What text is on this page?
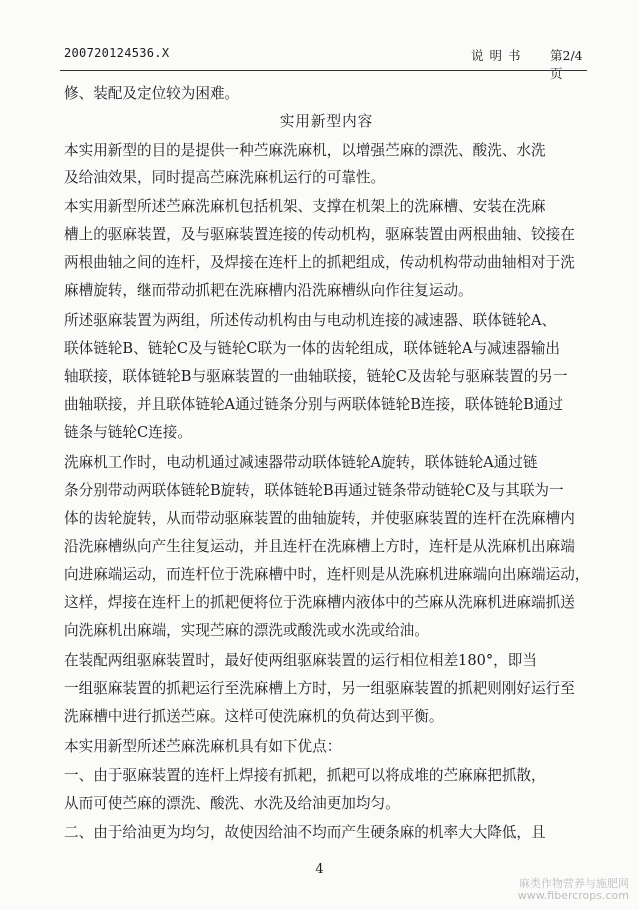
200720124536.X	说明书 第2/4页
修、装配及定位较为困难。
实用新型内容
本实用新型的目的是提供一种苎麻洗麻机，以增强苎麻的漂洗、酸洗、水洗
及给油效果，同时提高苎麻洗麻机运行的可靠性。
本实用新型所述苎麻洗麻机包括机架、支撑在机架上的洗麻槽、安装在洗麻
槽上的驱麻装置，及与驱麻装置连接的传动机构，驱麻装置由两根曲轴、铰接在
两根曲轴之间的连杆，及焊接在连杆上的抓耙组成，传动机构带动曲轴相对于洗
麻槽旋转，继而带动抓耙在洗麻槽内沿洗麻槽纵向作往复运动。
所述驱麻装置为两组，所述传动机构由与电动机连接的减速器、联体链轮A、
联体链轮B、链轮C及与链轮C联为一体的齿轮组成，联体链轮A与减速器输出
轴联接，联体链轮B与驱麻装置的一曲轴联接，链轮C及齿轮与驱麻装置的另一
曲轴联接，并且联体链轮A通过链条分别与两联体链轮B连接，联体链轮B通过
链条与链轮C连接。
洗麻机工作时，电动机通过减速器带动联体链轮A旋转，联体链轮A通过链
条分别带动两联体链轮B旋转，联体链轮B再通过链条带动链轮C及与其联为一
体的齿轮旋转，从而带动驱麻装置的曲轴旋转，并使驱麻装置的连杆在洗麻槽内
沿洗麻槽纵向产生往复运动，并且连杆在洗麻槽上方时，连杆是从洗麻机出麻端
向进麻端运动，而连杆位于洗麻槽中时，连杆则是从洗麻机进麻端向出麻端运动，
这样，焊接在连杆上的抓耙便将位于洗麻槽内液体中的苎麻从洗麻机进麻端抓送
向洗麻机出麻端，实现苎麻的漂洗或酸洗或水洗或给油。
在装配两组驱麻装置时，最好使两组驱麻装置的运行相位相差180°，即当
一组驱麻装置的抓耙运行至洗麻槽上方时，另一组驱麻装置的抓耙则刚好运行至
洗麻槽中进行抓送苎麻。这样可使洗麻机的负荷达到平衡。
本实用新型所述苎麻洗麻机具有如下优点：
一、由于驱麻装置的连杆上焊接有抓耙，抓耙可以将成堆的苎麻麻把抓散，
从而可使苎麻的漂洗、酸洗、水洗及给油更加均匀。
二、由于给油更为均匀，故使因给油不均而产生硬条麻的机率大大降低，且
4
麻类作物营养与施肥网
www.fibercrops.com
